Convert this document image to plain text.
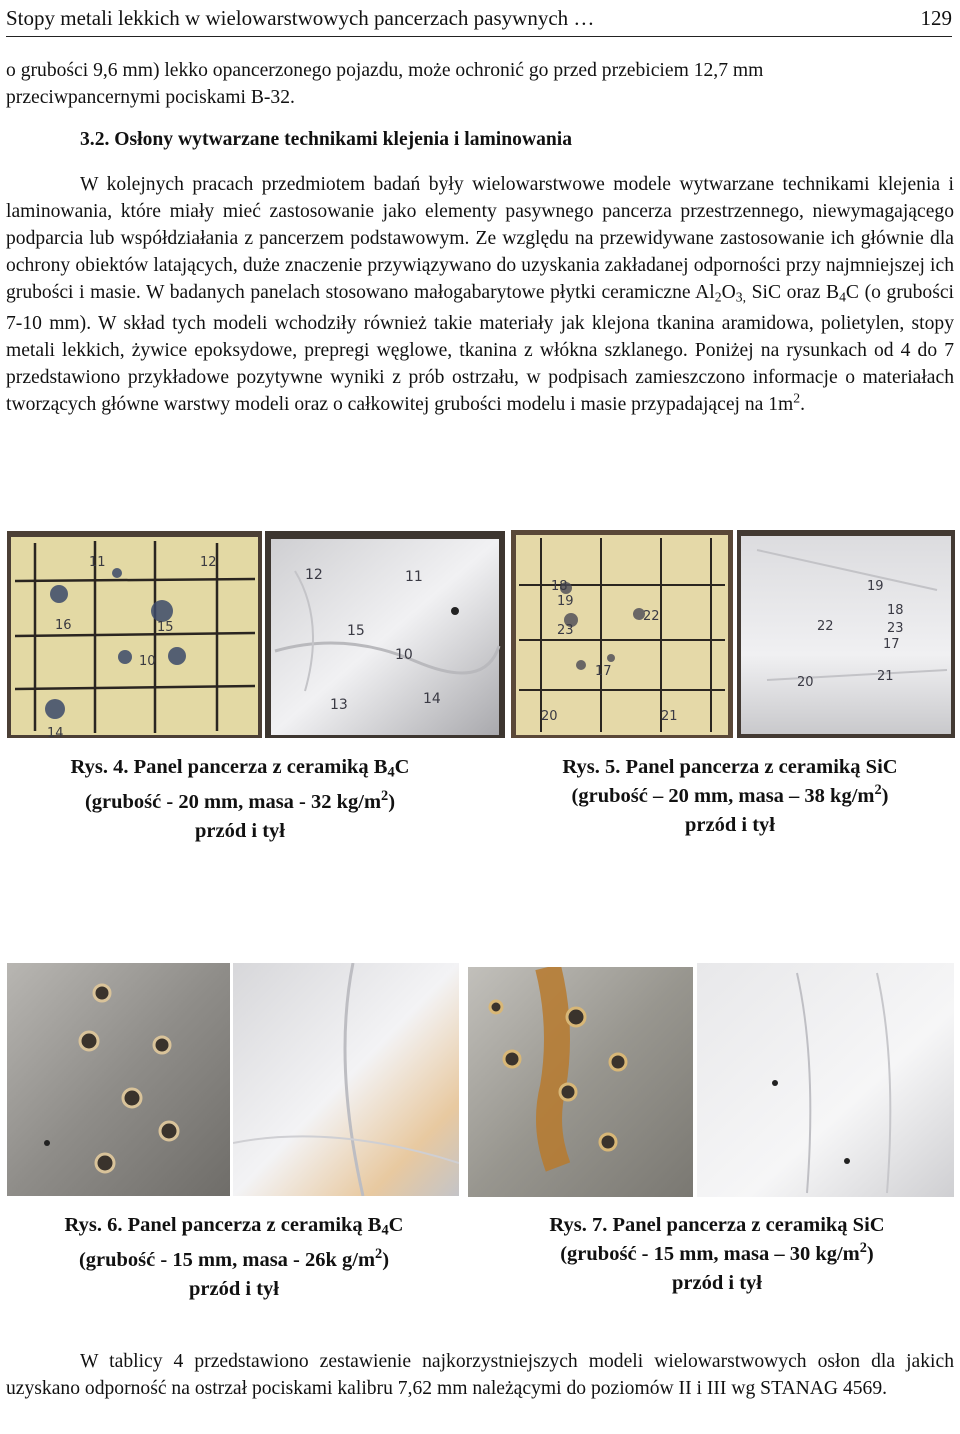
Stopy metali lekkich w wielowarstwowych pancerzach pasywnych …	129

o grubości 9,6 mm) lekko opancerzonego pojazdu, może ochronić go przed przebiciem 12,7 mm

przeciwpancernymi pociskami B-32.

3.2. Osłony wytwarzane technikami klejenia i laminowania

W kolejnych pracach przedmiotem badań były wielowarstwowe modele wytwarzane technikami klejenia i laminowania, które miały mieć zastosowanie jako elementy pasywnego pancerza przestrzennego, niewymagającego podparcia lub współdziałania z pancerzem podstawowym. Ze względu na przewidywane zastosowanie ich głównie dla ochrony obiektów latających, duże znaczenie przywiązywano do uzyskania zakładanej odporności przy najmniejszej ich grubości i masie. W badanych panelach stosowano małogabarytowe płytki ceramiczne $Al_2O_{3,}$ SiC oraz $B_4C$ (o grubości 7-10 mm). W skład tych modeli wchodziły również takie materiały jak klejona tkanina aramidowa, polietylen, stopy metali lekkich, żywice epoksydowe, prepregi węglowe, tkanina z włókna szklanego. Poniżej na rysunkach od 4 do 7 przedstawiono przykładowe pozytywne wyniki z prób ostrzału, w podpisach zamieszczono informacje o materiałach tworzących główne warstwy modeli oraz o całkowitej grubości modelu i masie przypadającej na $1m^2$.

11	12
16	15
10
14
12	11
15
10
13	14
18
19
22
23
17
20	21
19
22
18
23
17
20	21
Rys. 4. Panel pancerza z ceramiką $B_4C$
(grubość - 20 mm, masa - 32 $kg/m^2$)
przód i tył
Rys. 5. Panel pancerza z ceramiką SiC
(grubość – 20 mm, masa – 38 $kg/m^2$)
przód i tył
Rys. 6. Panel pancerza z ceramiką $B_4C$
(grubość - 15 mm, masa - 26k $g/m^2$)
przód i tył
Rys. 7. Panel pancerza z ceramiką SiC
(grubość - 15 mm, masa – 30 $kg/m^2$)
przód i tył

W tablicy 4 przedstawiono zestawienie najkorzystniejszych modeli wielowarstwowych osłon dla jakich uzyskano odporność na ostrzał pociskami kalibru 7,62 mm należącymi do poziomów II i III wg STANAG 4569.
